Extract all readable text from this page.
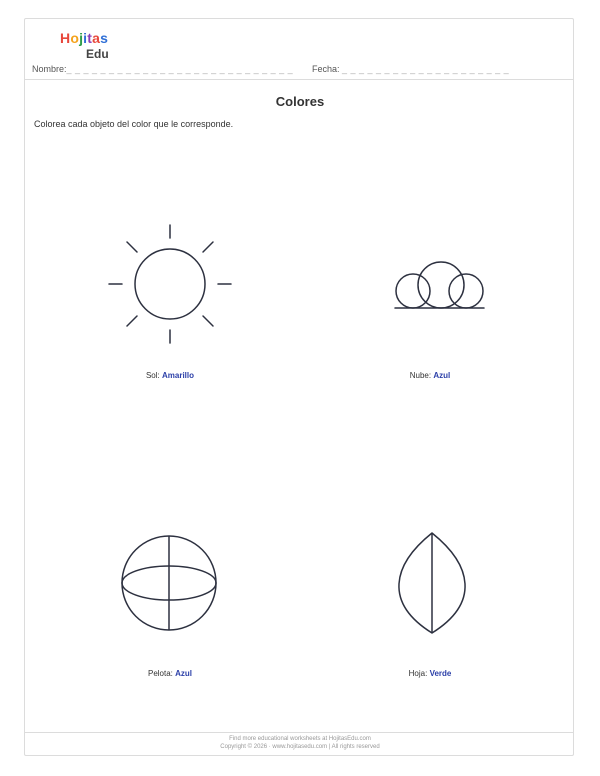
Hojitas
Edu
Nombre:_ _ _ _ _ _ _ _ _ _ _ _ _ _ _ _ _ _ _ _ _ _ _ _ _ _ _ Fecha: _ _ _ _ _ _ _ _ _ _ _ _ _ _ _ _ _ _ _ _
Colores
Colorea cada objeto del color que le corresponde.
Sol: Amarillo	Nube: Azul
Pelota: Azul	Hoja: Verde
Find more educational worksheets at HojitasEdu.com
Copyright © 2026 · www.hojitasedu.com | All rights reserved
